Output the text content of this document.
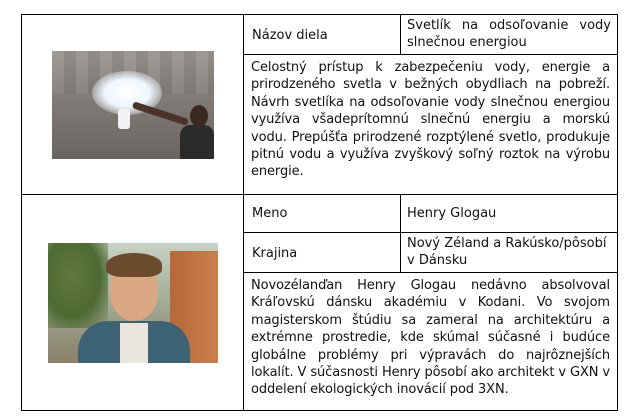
	Názov diela	Svetlík na odsoľovanie vody slnečnou energiou
	Celostný prístup k zabezpečeniu vody, energie a prirodzeného svetla v bežných obydliach na pobreží. Návrh svetlíka na odsoľovanie vody slnečnou energiou využíva všadeprítomnú slnečnú energiu a morskú vodu. Prepúšťa prirodzené rozptýlené svetlo, produkuje pitnú vodu a využíva zvyškový soľný roztok na výrobu energie.	

	Meno	Henry Glogau
	Krajina	Nový Zéland a Rakúsko/pôsobí v Dánsku
	Novozélanďan Henry Glogau nedávno absolvoval Kráľovskú dánsku akadémiu v Kodani. Vo svojom magisterskom štúdiu sa zameral na architektúru a extrémne prostredie, kde skúmal súčasné i budúce globálne problémy pri výpravách do najrôznejších lokalít. V súčasnosti Henry pôsobí ako architekt v GXN v oddelení ekologických inovácií pod 3XN.	
